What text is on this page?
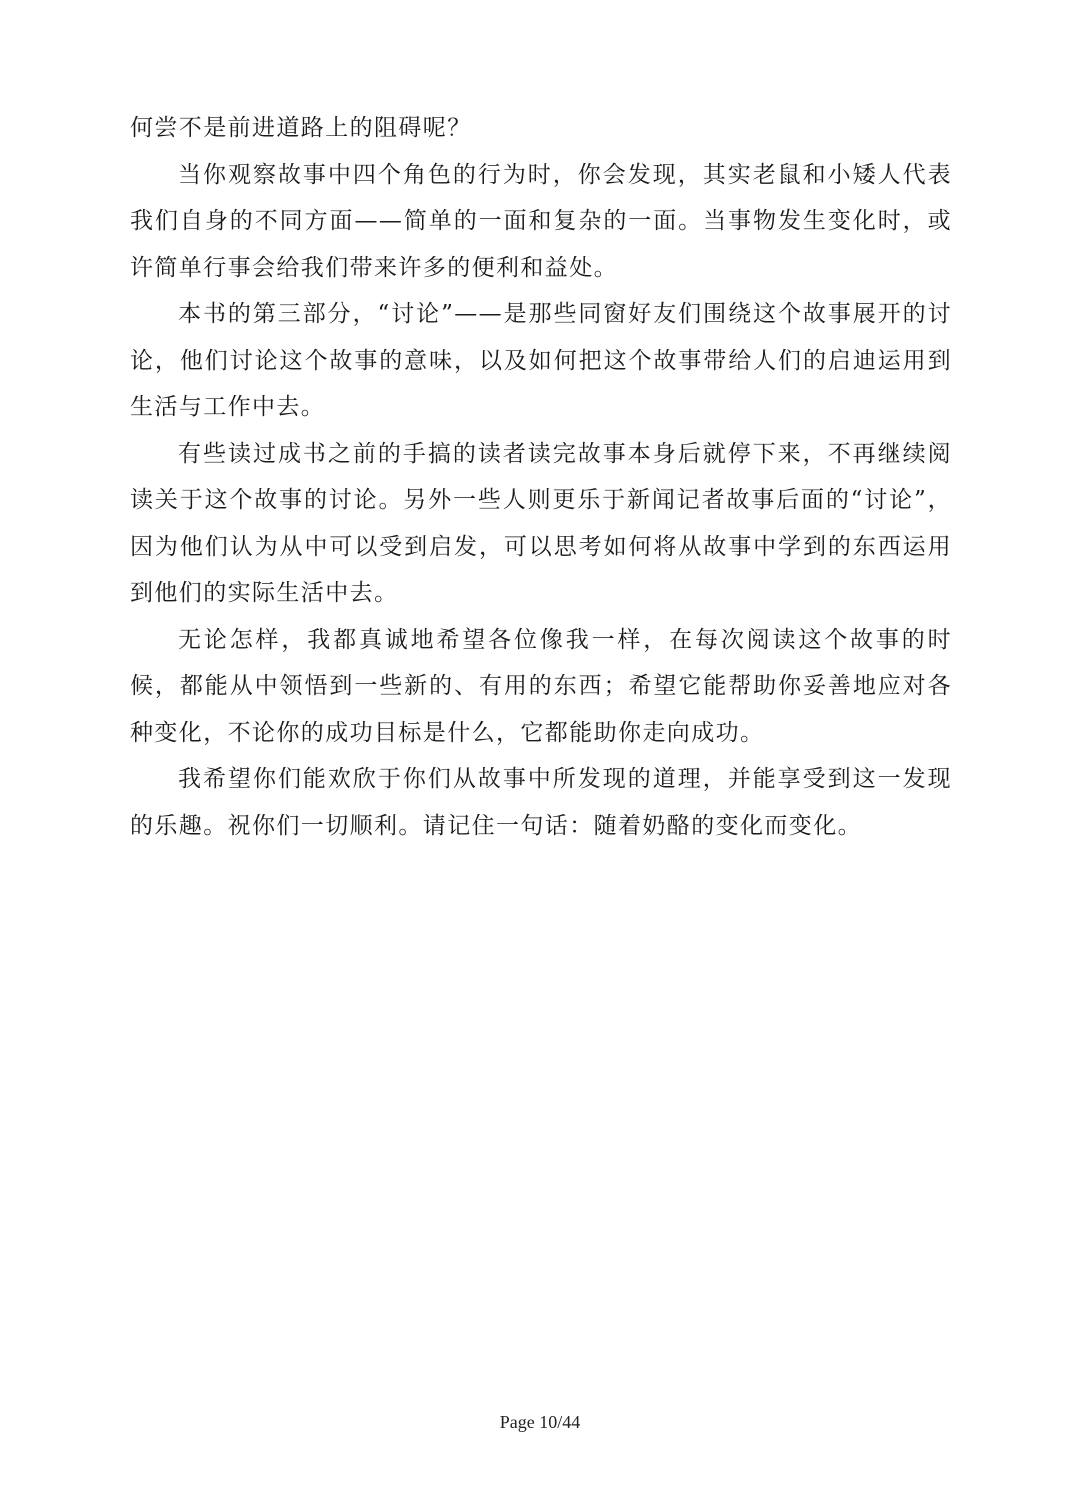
何尝不是前进道路上的阻碍呢？

当你观察故事中四个角色的行为时，你会发现，其实老鼠和小矮人代表我们自身的不同方面——简单的一面和复杂的一面。当事物发生变化时，或许简单行事会给我们带来许多的便利和益处。

本书的第三部分，“讨论”——是那些同窗好友们围绕这个故事展开的讨论，他们讨论这个故事的意味，以及如何把这个故事带给人们的启迪运用到生活与工作中去。

有些读过成书之前的手搞的读者读完故事本身后就停下来，不再继续阅读关于这个故事的讨论。另外一些人则更乐于新闻记者故事后面的“讨论”，因为他们认为从中可以受到启发，可以思考如何将从故事中学到的东西运用到他们的实际生活中去。

无论怎样，我都真诚地希望各位像我一样，在每次阅读这个故事的时候，都能从中领悟到一些新的、有用的东西；希望它能帮助你妥善地应对各种变化，不论你的成功目标是什么，它都能助你走向成功。

我希望你们能欢欣于你们从故事中所发现的道理，并能享受到这一发现的乐趣。祝你们一切顺利。请记住一句话：随着奶酪的变化而变化。

Page 10/44
